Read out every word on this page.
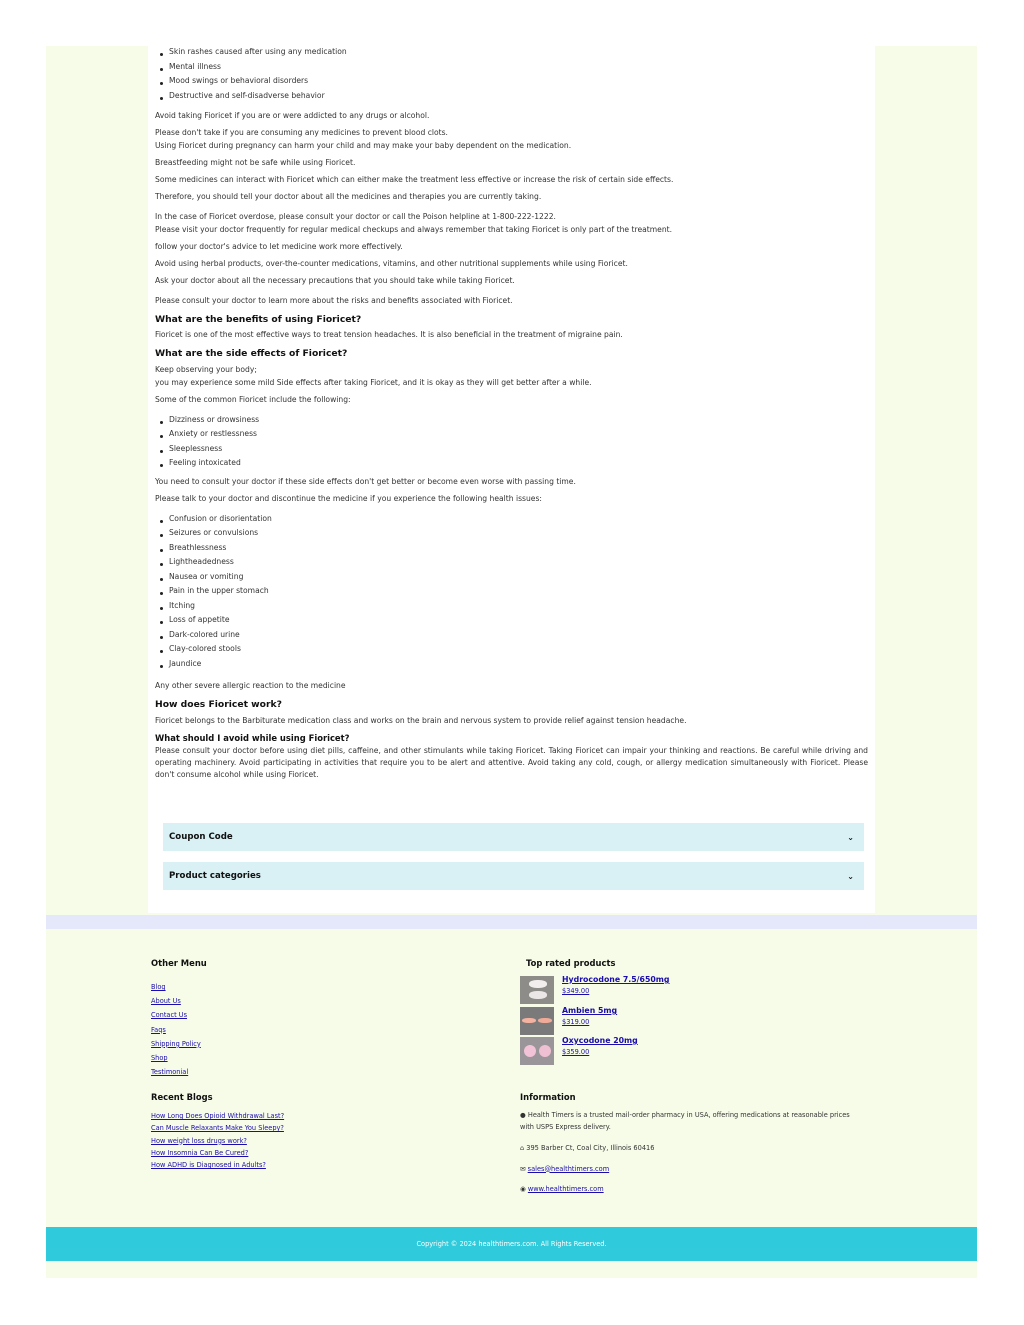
Skin rashes caused after using any medication
Mental illness
Mood swings or behavioral disorders
Destructive and self-disadverse behavior

Avoid taking Fioricet if you are or were addicted to any drugs or alcohol.

Please don't take if you are consuming any medicines to prevent blood clots.

Using Fioricet during pregnancy can harm your child and may make your baby dependent on the medication.

Breastfeeding might not be safe while using Fioricet.

Some medicines can interact with Fioricet which can either make the treatment less effective or increase the risk of certain side effects.

Therefore, you should tell your doctor about all the medicines and therapies you are currently taking.

In the case of Fioricet overdose, please consult your doctor or call the Poison helpline at 1-800-222-1222.

Please visit your doctor frequently for regular medical checkups and always remember that taking Fioricet is only part of the treatment.

follow your doctor's advice to let medicine work more effectively.

Avoid using herbal products, over-the-counter medications, vitamins, and other nutritional supplements while using Fioricet.

Ask your doctor about all the necessary precautions that you should take while taking Fioricet.

Please consult your doctor to learn more about the risks and benefits associated with Fioricet.

What are the benefits of using Fioricet?

Fioricet is one of the most effective ways to treat tension headaches. It is also beneficial in the treatment of migraine pain.

What are the side effects of Fioricet?

Keep observing your body;

you may experience some mild Side effects after taking Fioricet, and it is okay as they will get better after a while.

Some of the common Fioricet include the following:

Dizziness or drowsiness
Anxiety or restlessness
Sleeplessness
Feeling intoxicated

You need to consult your doctor if these side effects don't get better or become even worse with passing time.

Please talk to your doctor and discontinue the medicine if you experience the following health issues:

Confusion or disorientation
Seizures or convulsions
Breathlessness
Lightheadedness
Nausea or vomiting
Pain in the upper stomach
Itching
Loss of appetite
Dark-colored urine
Clay-colored stools
Jaundice

Any other severe allergic reaction to the medicine

How does Fioricet work?

Fioricet belongs to the Barbiturate medication class and works on the brain and nervous system to provide relief against tension headache.

What should I avoid while using Fioricet?

Please consult your doctor before using diet pills, caffeine, and other stimulants while taking Fioricet. Taking Fioricet can impair your thinking and reactions. Be careful while driving and operating machinery. Avoid participating in activities that require you to be alert and attentive. Avoid taking any cold, cough, or allergy medication simultaneously with Fioricet. Please don't consume alcohol while using Fioricet.

Coupon Code	⌄
Product categories	⌄
Other Menu
Blog
About Us
Contact Us
Faqs
Shipping Policy
Shop
Testimonial
Top rated products
Hydrocodone 7.5/650mg
$349.00
Ambien 5mg
$319.00
Oxycodone 20mg
$359.00
Recent Blogs
How Long Does Opioid Withdrawal Last?
Can Muscle Relaxants Make You Sleepy?
How weight loss drugs work?
How Insomnia Can Be Cured?
How ADHD is Diagnosed in Adults?
Information

● Health Timers is a trusted mail-order pharmacy in USA, offering medications at reasonable prices with USPS Express delivery.

⌂ 395 Barber Ct, Coal City, Illinois 60416

✉ sales@healthtimers.com

◉ www.healthtimers.com

Copyright © 2024 healthtimers.com. All Rights Reserved.
